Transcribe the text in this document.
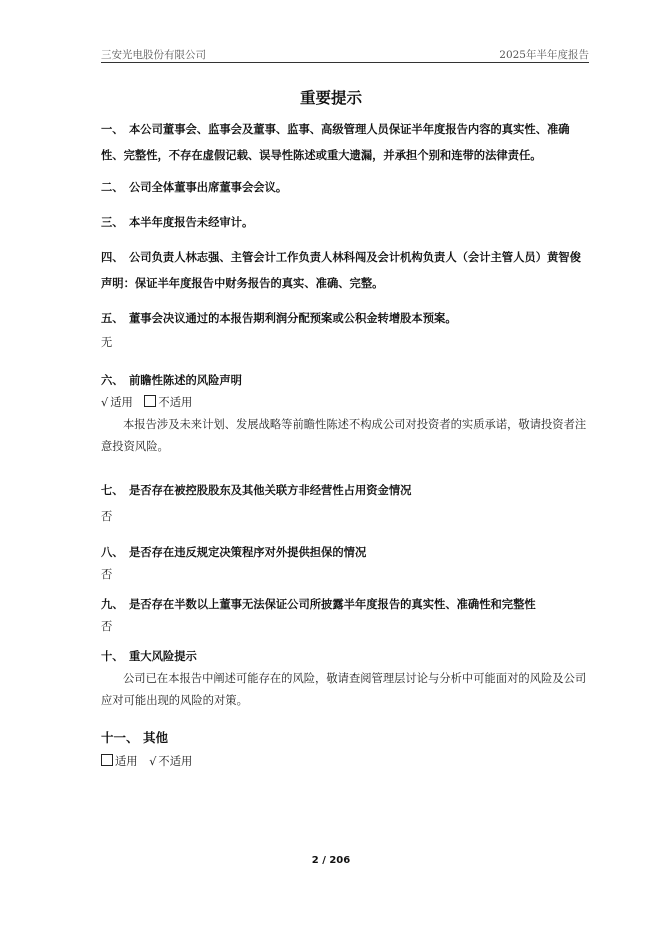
三安光电股份有限公司	2025年半年度报告
重要提示
一、 本公司董事会、监事会及董事、监事、高级管理人员保证半年度报告内容的真实性、准确性、完整性，不存在虚假记载、误导性陈述或重大遗漏，并承担个别和连带的法律责任。
二、 公司全体董事出席董事会会议。
三、 本半年度报告未经审计。
四、 公司负责人林志强、主管会计工作负责人林科闯及会计机构负责人（会计主管人员）黄智俊声明：保证半年度报告中财务报告的真实、准确、完整。
五、 董事会决议通过的本报告期利润分配预案或公积金转增股本预案。
无
六、 前瞻性陈述的风险声明
√ 适用 不适用
本报告涉及未来计划、发展战略等前瞻性陈述不构成公司对投资者的实质承诺，敬请投资者注意投资风险。
七、 是否存在被控股股东及其他关联方非经营性占用资金情况
否
八、 是否存在违反规定决策程序对外提供担保的情况
否
九、 是否存在半数以上董事无法保证公司所披露半年度报告的真实性、准确性和完整性
否
十、 重大风险提示
公司已在本报告中阐述可能存在的风险，敬请查阅管理层讨论与分析中可能面对的风险及公司应对可能出现的风险的对策。
十一、 其他
适用 √ 不适用
2 / 206
